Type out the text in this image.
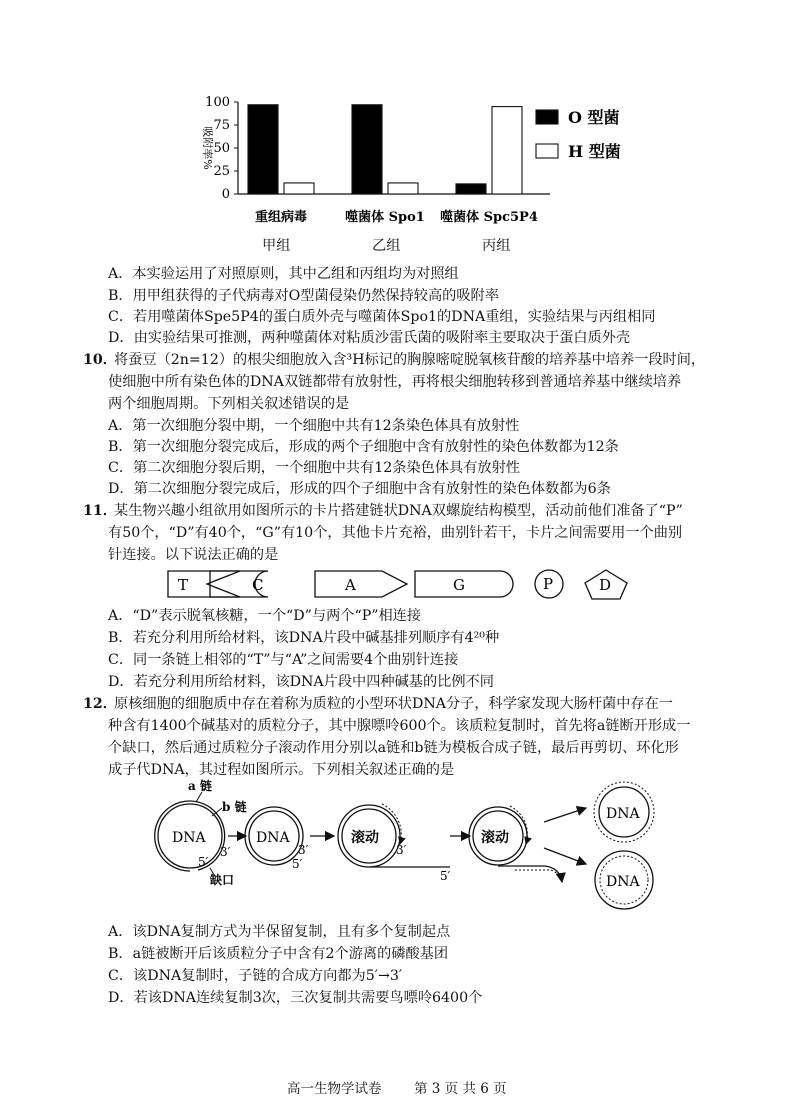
0
25
50
75
100
吸附率%
重组病毒	噬菌体 Spo1 噬菌体 Spc5P4
O 型菌
H 型菌
甲组	乙组	丙组
A．本实验运用了对照原则，其中乙组和丙组均为对照组
B．用甲组获得的子代病毒对O型菌侵染仍然保持较高的吸附率
C．若用噬菌体Spe5P4的蛋白质外壳与噬菌体Spo1的DNA重组，实验结果与丙组相同
D．由实验结果可推测，两种噬菌体对粘质沙雷氏菌的吸附率主要取决于蛋白质外壳
10．
将蚕豆（2n=12）的根尖细胞放入含³H标记的胸腺嘧啶脱氧核苷酸的培养基中培养一段时间，
使细胞中所有染色体的DNA双链都带有放射性，再将根尖细胞转移到普通培养基中继续培养
两个细胞周期。下列相关叙述错误的是
A．第一次细胞分裂中期，一个细胞中共有12条染色体具有放射性
B．第一次细胞分裂完成后，形成的两个子细胞中含有放射性的染色体数都为12条
C．第二次细胞分裂后期，一个细胞中共有12条染色体具有放射性
D．第二次细胞分裂完成后，形成的四个子细胞中含有放射性的染色体数都为6条
11．
某生物兴趣小组欲用如图所示的卡片搭建链状DNA双螺旋结构模型，活动前他们准备了“P”
有50个，“D”有40个，“G”有10个，其他卡片充裕，曲别针若干，卡片之间需要用一个曲别
针连接。以下说法正确的是
T	C	A	G	P	D
A．“D”表示脱氧核糖，一个“D”与两个“P”相连接
B．若充分利用所给材料，该DNA片段中碱基排列顺序有4²⁰种
C．同一条链上相邻的“T”与“A”之间需要4个曲别针连接
D．若充分利用所给材料，该DNA片段中四种碱基的比例不同
12．
原核细胞的细胞质中存在着称为质粒的小型环状DNA分子，科学家发现大肠杆菌中存在一
种含有1400个碱基对的质粒分子，其中腺嘌呤600个。该质粒复制时，首先将a链断开形成一
个缺口，然后通过质粒分子滚动作用分别以a链和b链为模板合成子链，最后再剪切、环化形
成子代DNA，其过程如图所示。下列相关叙述正确的是
DNA
a 链
b 链
5′
缺口
3′
DNA
3′
5′
滚动
3′
5′
滚动
DNA
DNA
A．该DNA复制方式为半保留复制，且有多个复制起点
B．a链被断开后该质粒分子中含有2个游离的磷酸基团
C．该DNA复制时，子链的合成方向都为5′→3′
D．若该DNA连续复制3次，三次复制共需要鸟嘌呤6400个
高一生物学试卷 第 3 页 共 6 页
